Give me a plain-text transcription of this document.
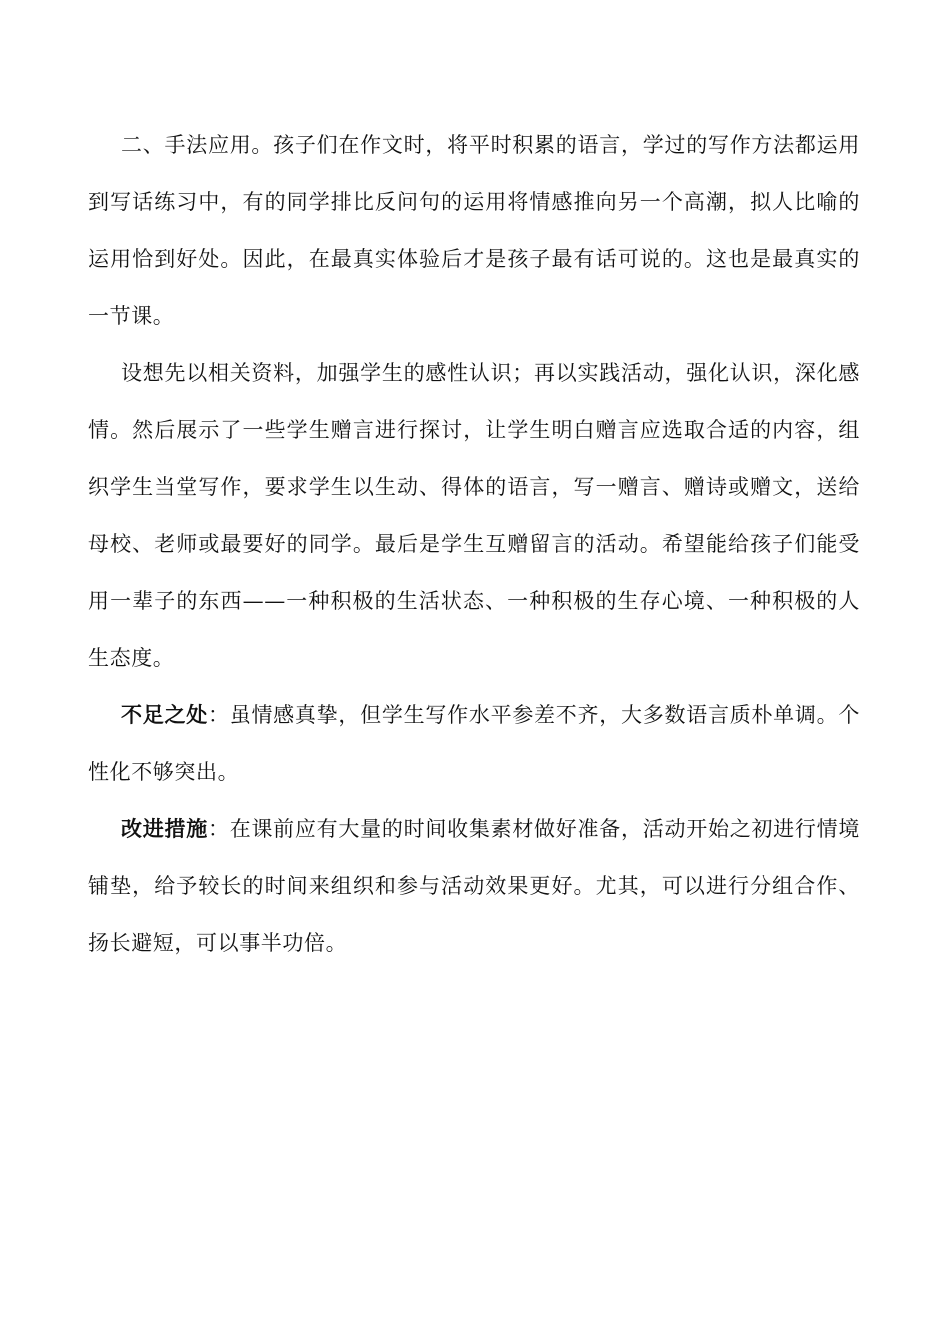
二、手法应用。孩子们在作文时，将平时积累的语言，学过的写作方法都运用到写话练习中，有的同学排比反问句的运用将情感推向另一个高潮，拟人比喻的运用恰到好处。因此，在最真实体验后才是孩子最有话可说的。这也是最真实的一节课。

设想先以相关资料，加强学生的感性认识；再以实践活动，强化认识，深化感情。然后展示了一些学生赠言进行探讨，让学生明白赠言应选取合适的内容，组织学生当堂写作，要求学生以生动、得体的语言，写一赠言、赠诗或赠文，送给母校、老师或最要好的同学。最后是学生互赠留言的活动。希望能给孩子们能受用一辈子的东西——一种积极的生活状态、一种积极的生存心境、一种积极的人生态度。

不足之处：虽情感真挚，但学生写作水平参差不齐，大多数语言质朴单调。个性化不够突出。

改进措施：在课前应有大量的时间收集素材做好准备，活动开始之初进行情境铺垫，给予较长的时间来组织和参与活动效果更好。尤其，可以进行分组合作、扬长避短，可以事半功倍。
